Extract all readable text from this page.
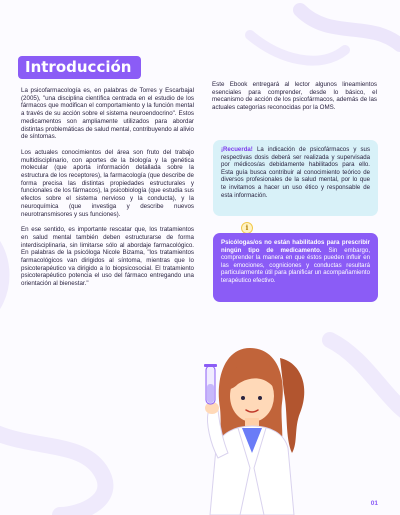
Introducción

La psicofarmacología es, en palabras de Torres y Escarbajal (2005), "una disciplina científica centrada en el estudio de los fármacos que modifican el comportamiento y la función mental a través de su acción sobre el sistema neuroendocrino". Estos medicamentos son ampliamente utilizados para abordar distintas problemáticas de salud mental, contribuyendo al alivio de síntomas.

Los actuales conocimientos del área son fruto del trabajo multidisciplinario, con aportes de la biología y la genética molecular (que aporta información detallada sobre la estructura de los receptores), la farmacología (que describe de forma precisa las distintas propiedades estructurales y funcionales de los fármacos), la psicobiología (que estudia sus efectos sobre el sistema nervioso y la conducta), y la neuroquímica (que investiga y describe nuevos neurotransmisores y sus funciones).

En ese sentido, es importante rescatar que, los tratamientos en salud mental también deben estructurarse de forma interdisciplinaria, sin limitarse sólo al abordaje farmacológico. En palabras de la psicóloga Nicole Bizama, "los tratamientos farmacológicos van dirigidos al síntoma, mientras que lo psicoterapéutico va dirigido a lo biopsicosocial. El tratamiento psicoterapéutico potencia el uso del fármaco entregando una orientación al bienestar."

Este Ebook entregará al lector algunos lineamientos esenciales para comprender, desde lo básico, el mecanismo de acción de los psicofármacos, además de las actuales categorías reconocidas por la OMS.

¡Recuerda! La indicación de psicofármacos y sus respectivas dosis deberá ser realizada y supervisada por médicos/as debidamente habilitados para ello. Esta guía busca contribuir al conocimiento teórico de diversos profesionales de la salud mental, por lo que te invitamos a hacer un uso ético y responsable de esta información.
i
Psicólogas/os no están habilitados para prescribir ningún tipo de medicamento. Sin embargo, comprender la manera en que éstos pueden influir en las emociones, cogniciones y conductas resultará particularmente útil para planificar un acompañamiento terapéutico efectivo.
01
